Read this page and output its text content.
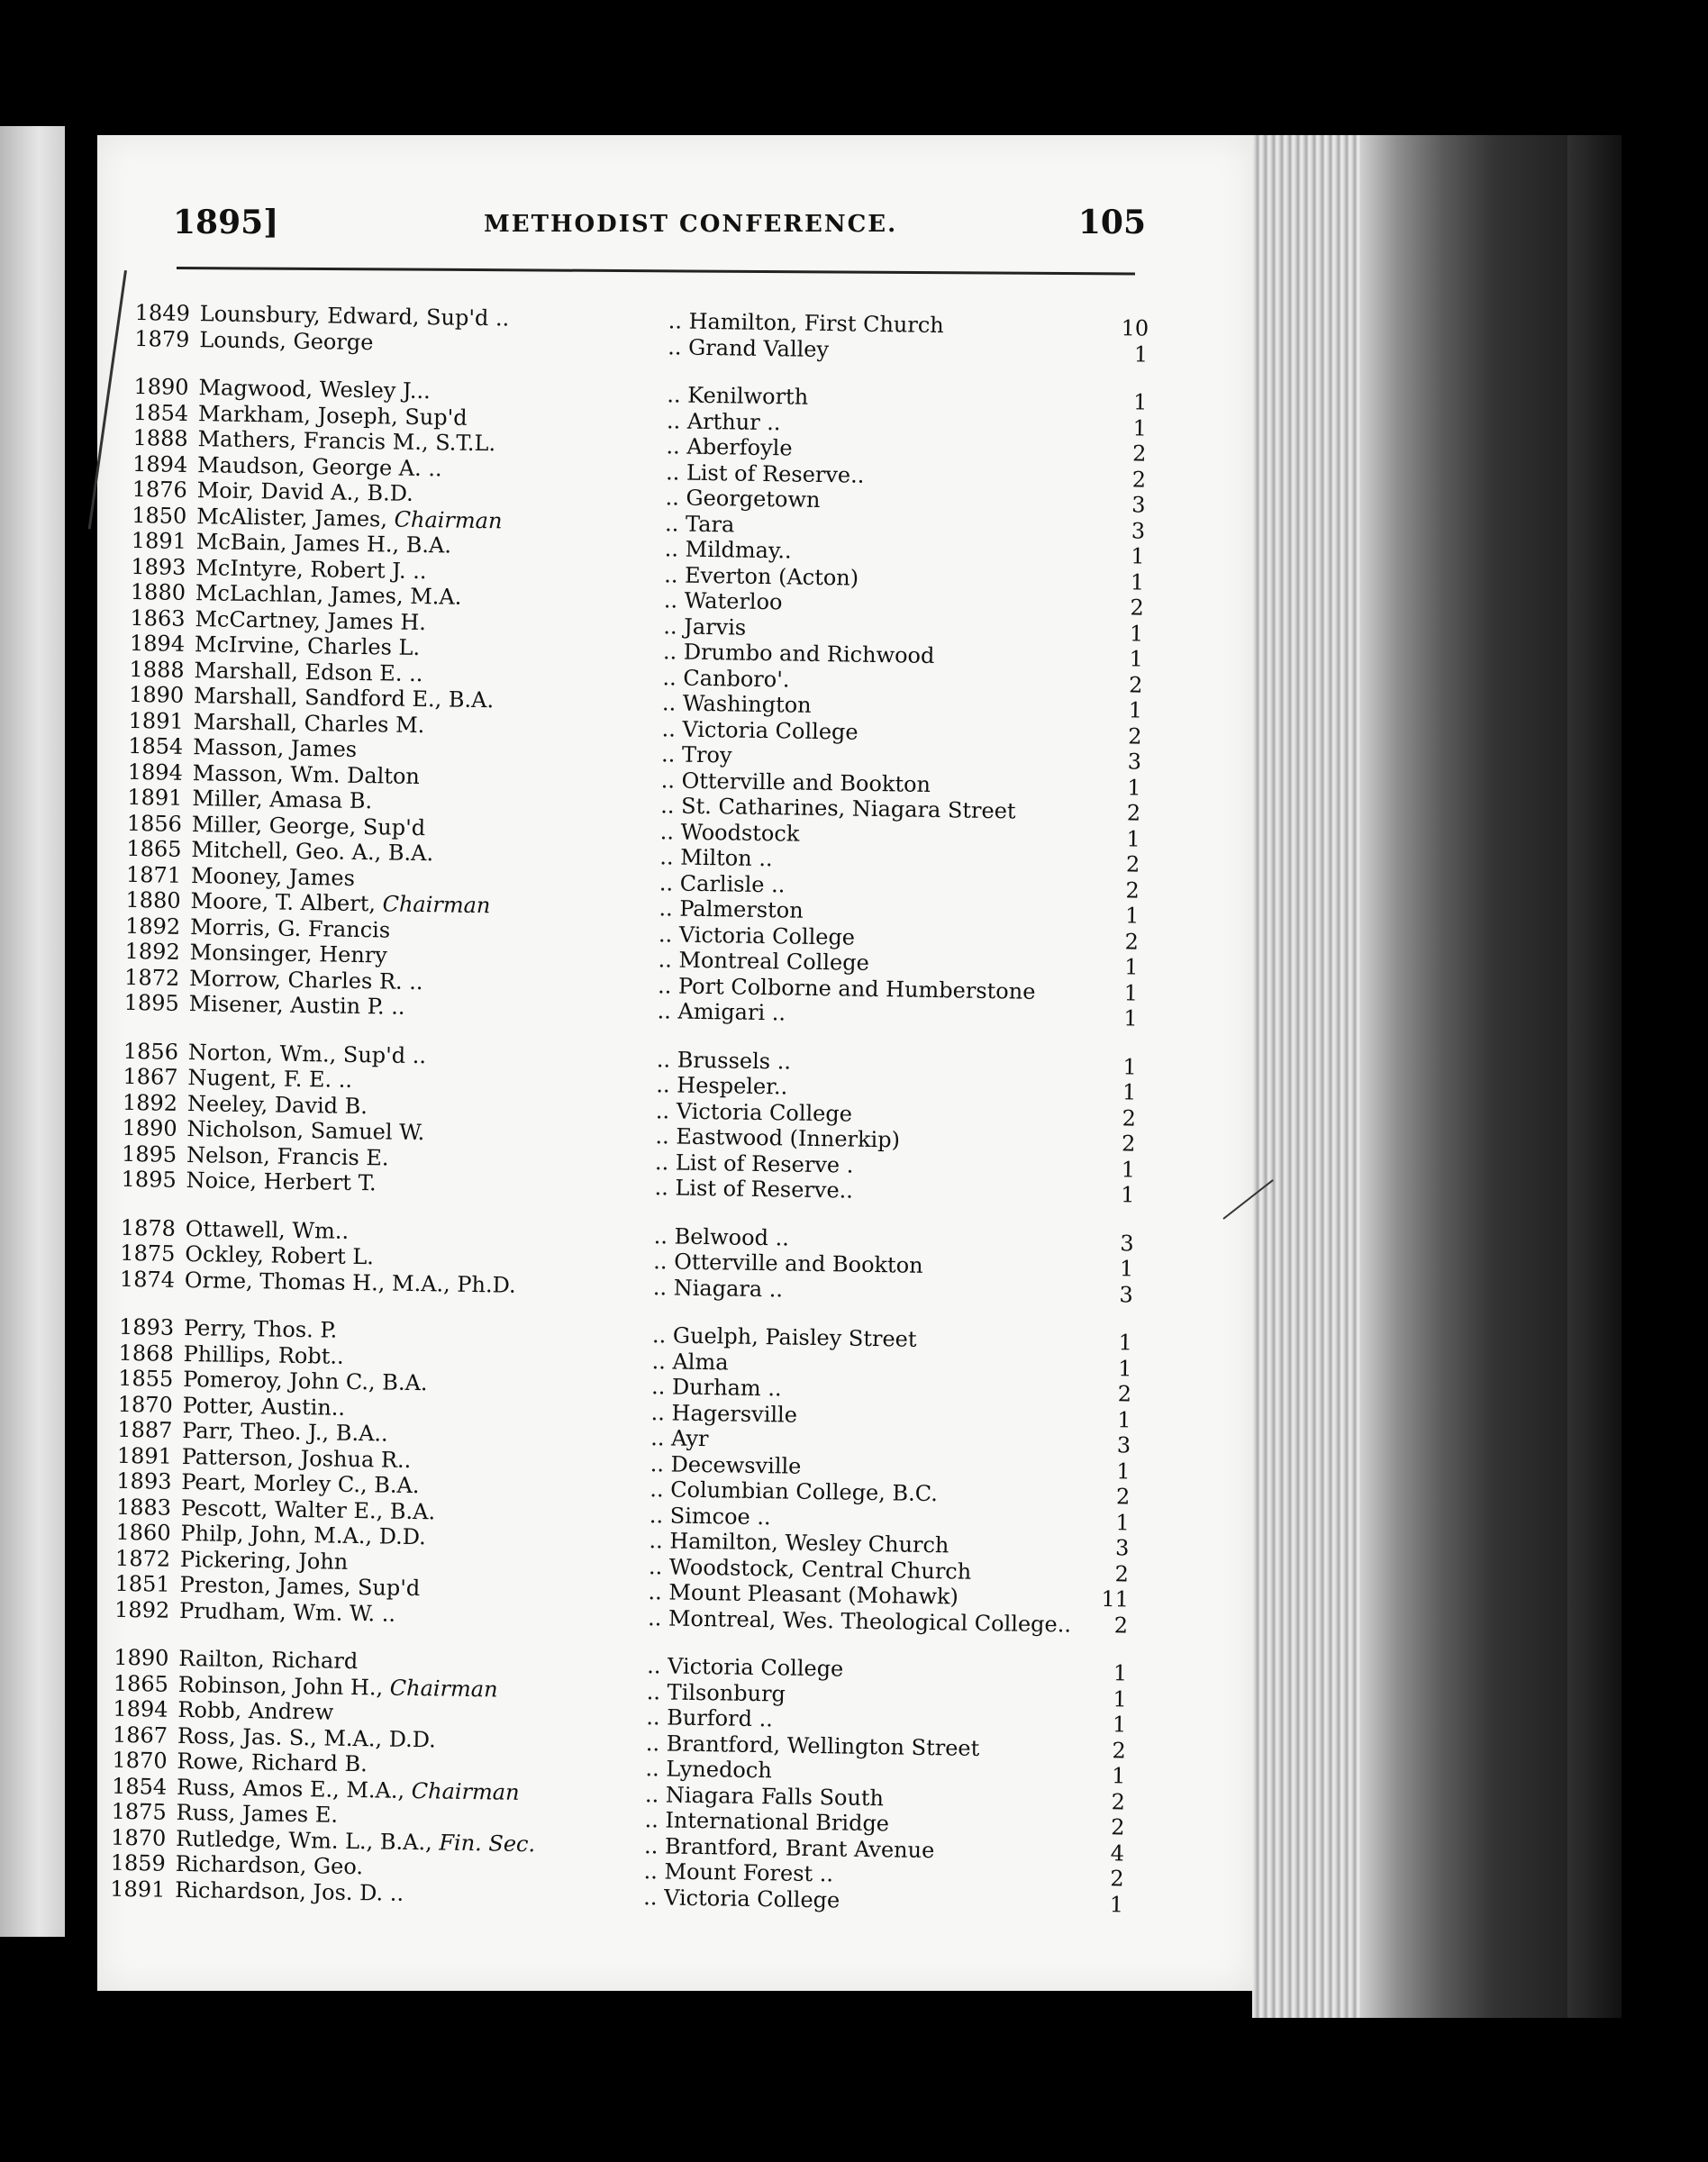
1895]	METHODIST CONFERENCE.	105
1849 Lounsbury, Edward, Sup'd ..	.. Hamilton, First Church	10
1879 Lounds, George	.. Grand Valley	1
1890 Magwood, Wesley J...	.. Kenilworth	1
1854 Markham, Joseph, Sup'd	.. Arthur ..	1
1888 Mathers, Francis M., S.T.L.	.. Aberfoyle	2
1894 Maudson, George A. ..	.. List of Reserve..	2
1876 Moir, David A., B.D.	.. Georgetown	3
1850 McAlister, James, Chairman	.. Tara	3
1891 McBain, James H., B.A.	.. Mildmay..	1
1893 McIntyre, Robert J. ..	.. Everton (Acton)	1
1880 McLachlan, James, M.A.	.. Waterloo	2
1863 McCartney, James H.	.. Jarvis	1
1894 McIrvine, Charles L.	.. Drumbo and Richwood	1
1888 Marshall, Edson E. ..	.. Canboro'.	2
1890 Marshall, Sandford E., B.A.	.. Washington	1
1891 Marshall, Charles M.	.. Victoria College	2
1854 Masson, James	.. Troy	3
1894 Masson, Wm. Dalton	.. Otterville and Bookton	1
1891 Miller, Amasa B.	.. St. Catharines, Niagara Street	2
1856 Miller, George, Sup'd	.. Woodstock	1
1865 Mitchell, Geo. A., B.A.	.. Milton ..	2
1871 Mooney, James	.. Carlisle ..	2
1880 Moore, T. Albert, Chairman	.. Palmerston	1
1892 Morris, G. Francis	.. Victoria College	2
1892 Monsinger, Henry	.. Montreal College	1
1872 Morrow, Charles R. ..	.. Port Colborne and Humberstone	1
1895 Misener, Austin P. ..	.. Amigari ..	1
1856 Norton, Wm., Sup'd ..	.. Brussels ..	1
1867 Nugent, F. E. ..	.. Hespeler..	1
1892 Neeley, David B.	.. Victoria College	2
1890 Nicholson, Samuel W.	.. Eastwood (Innerkip)	2
1895 Nelson, Francis E.	.. List of Reserve .	1
1895 Noice, Herbert T.	.. List of Reserve..	1
1878 Ottawell, Wm..	.. Belwood ..	3
1875 Ockley, Robert L.	.. Otterville and Bookton	1
1874 Orme, Thomas H., M.A., Ph.D.	.. Niagara ..	3
1893 Perry, Thos. P.	.. Guelph, Paisley Street	1
1868 Phillips, Robt..	.. Alma	1
1855 Pomeroy, John C., B.A.	.. Durham ..	2
1870 Potter, Austin..	.. Hagersville	1
1887 Parr, Theo. J., B.A..	.. Ayr	3
1891 Patterson, Joshua R..	.. Decewsville	1
1893 Peart, Morley C., B.A.	.. Columbian College, B.C.	2
1883 Pescott, Walter E., B.A.	.. Simcoe ..	1
1860 Philp, John, M.A., D.D.	.. Hamilton, Wesley Church	3
1872 Pickering, John	.. Woodstock, Central Church	2
1851 Preston, James, Sup'd	.. Mount Pleasant (Mohawk)	11
1892 Prudham, Wm. W. ..	.. Montreal, Wes. Theological College..	2
1890 Railton, Richard	.. Victoria College	1
1865 Robinson, John H., Chairman	.. Tilsonburg	1
1894 Robb, Andrew	.. Burford ..	1
1867 Ross, Jas. S., M.A., D.D.	.. Brantford, Wellington Street	2
1870 Rowe, Richard B.	.. Lynedoch	1
1854 Russ, Amos E., M.A., Chairman	.. Niagara Falls South	2
1875 Russ, James E.	.. International Bridge	2
1870 Rutledge, Wm. L., B.A., Fin. Sec.	.. Brantford, Brant Avenue	4
1859 Richardson, Geo.	.. Mount Forest ..	2
1891 Richardson, Jos. D. ..	.. Victoria College	1
